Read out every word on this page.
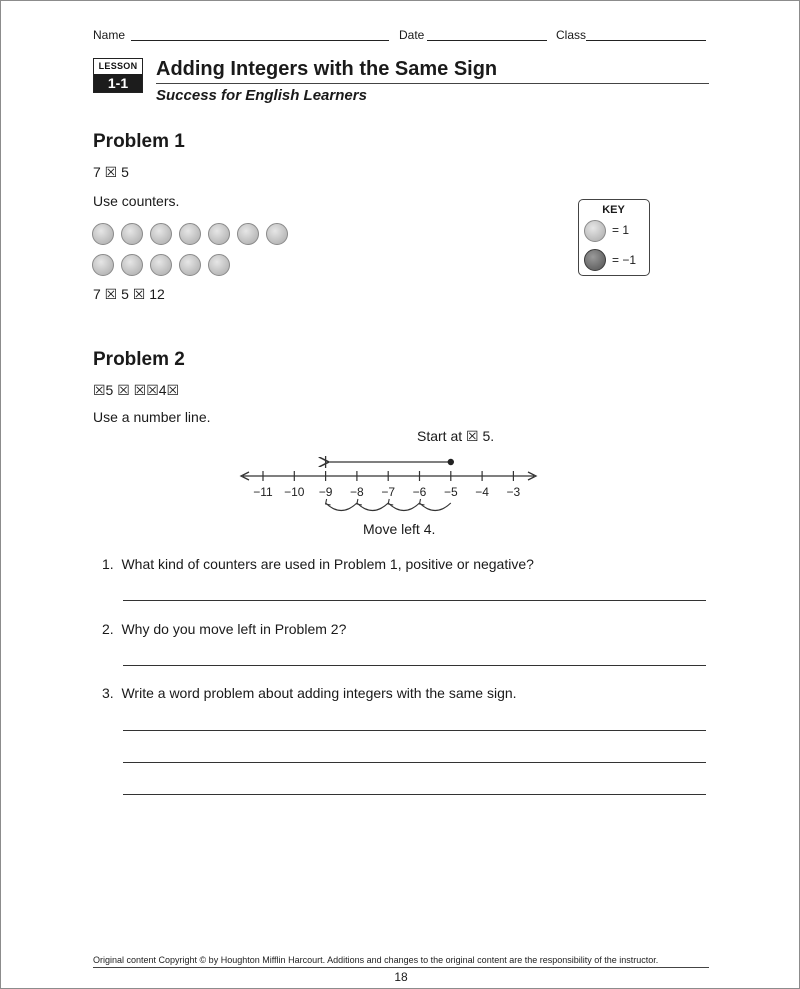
Name	Date	Class
LESSON
1-1
Adding Integers with the Same Sign
Success for English Learners
Problem 1
7 ☒ 5
Use counters.
7 ☒ 5 ☒ 12
KEY
= 1
= −1
Problem 2
☒5 ☒ ☒☒4☒
Use a number line.
Start at ☒ 5.
−11 −10 −9 −8 −7 −6 −5 −4 −3
Move left 4.
1. What kind of counters are used in Problem 1, positive or negative?
2. Why do you move left in Problem 2?
3. Write a word problem about adding integers with the same sign.
Original content Copyright © by Houghton Mifflin Harcourt. Additions and changes to the original content are the responsibility of the instructor.
18
